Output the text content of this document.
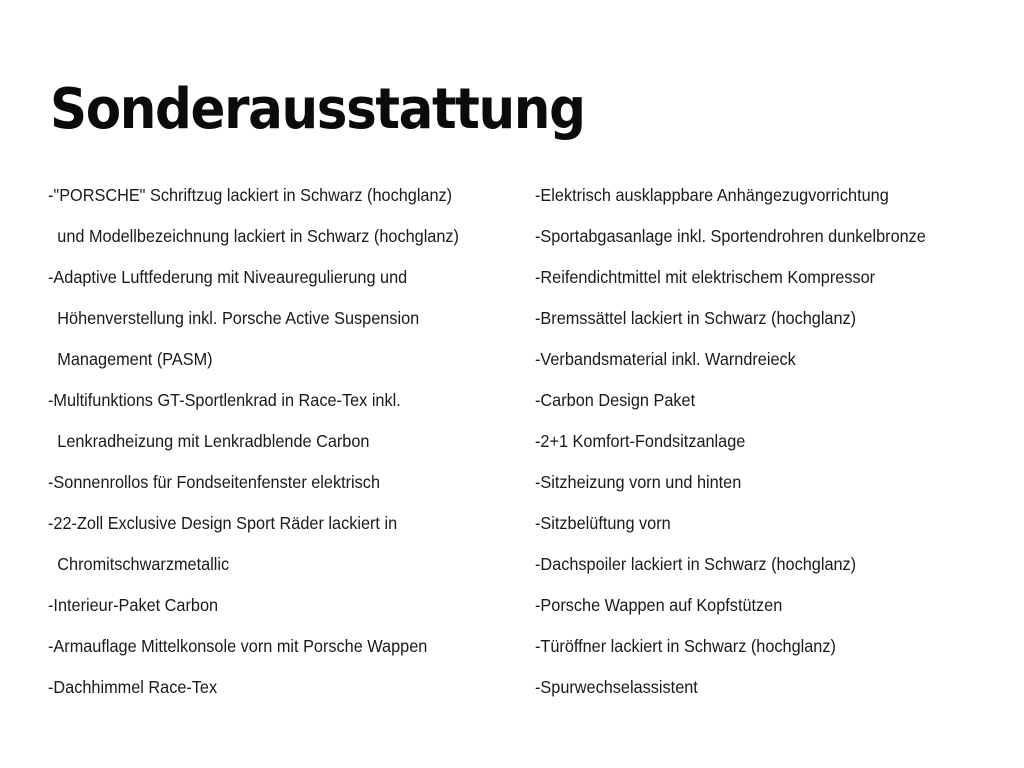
Sonderausstattung
-"PORSCHE" Schriftzug lackiert in Schwarz (hochglanz)
und Modellbezeichnung lackiert in Schwarz (hochglanz)
-Adaptive Luftfederung mit Niveauregulierung und
Höhenverstellung inkl. Porsche Active Suspension
Management (PASM)
-Multifunktions GT-Sportlenkrad in Race-Tex inkl.
Lenkradheizung mit Lenkradblende Carbon
-Sonnenrollos für Fondseitenfenster elektrisch
-22-Zoll Exclusive Design Sport Räder lackiert in
Chromitschwarzmetallic
-Interieur-Paket Carbon
-Armauflage Mittelkonsole vorn mit Porsche Wappen
-Dachhimmel Race-Tex
-Elektrisch ausklappbare Anhängezugvorrichtung
-Sportabgasanlage inkl. Sportendrohren dunkelbronze
-Reifendichtmittel mit elektrischem Kompressor
-Bremssättel lackiert in Schwarz (hochglanz)
-Verbandsmaterial inkl. Warndreieck
-Carbon Design Paket
-2+1 Komfort-Fondsitzanlage
-Sitzheizung vorn und hinten
-Sitzbelüftung vorn
-Dachspoiler lackiert in Schwarz (hochglanz)
-Porsche Wappen auf Kopfstützen
-Türöffner lackiert in Schwarz (hochglanz)
-Spurwechselassistent
